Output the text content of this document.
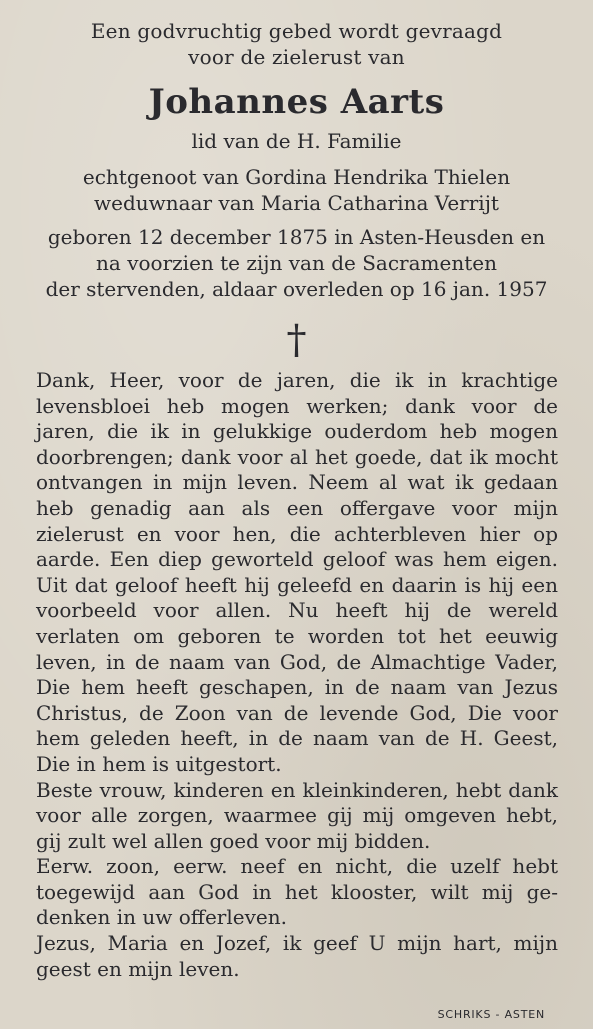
Een godvruchtig gebed wordt gevraagd

voor de zielerust van

Johannes Aarts

lid van de H. Familie

echtgenoot van Gordina Hendrika Thielen

weduwnaar van Maria Catharina Verrijt

geboren 12 december 1875 in Asten-Heusden en

na voorzien te zijn van de Sacramenten

der stervenden, aldaar overleden op 16 jan. 1957

†

Dank, Heer, voor de jaren, die ik in krachtige levensbloei heb mogen werken; dank voor de jaren, die ik in gelukkige ouderdom heb mogen doorbrengen; dank voor al het goede, dat ik mocht ontvangen in mijn leven. Neem al wat ik gedaan heb genadig aan als een offergave voor mijn zielerust en voor hen, die achterbleven hier op aarde. Een diep geworteld geloof was hem eigen. Uit dat geloof heeft hij geleefd en daarin is hij een voorbeeld voor allen. Nu heeft hij de wereld verlaten om geboren te worden tot het eeuwig leven, in de naam van God, de Almachtige Vader, Die hem heeft geschapen, in de naam van Jezus Christus, de Zoon van de levende God, Die voor hem geleden heeft, in de naam van de H. Geest, Die in hem is uitgestort.

Beste vrouw, kinderen en kleinkinderen, hebt dank voor alle zorgen, waarmee gij mij omgeven hebt, gij zult wel allen goed voor mij bidden.

Eerw. zoon, eerw. neef en nicht, die uzelf hebt toegewijd aan God in het klooster, wilt mij gedenken in uw offerleven.

Jezus, Maria en Jozef, ik geef U mijn hart, mijn geest en mijn leven.

SCHRIKS - ASTEN
